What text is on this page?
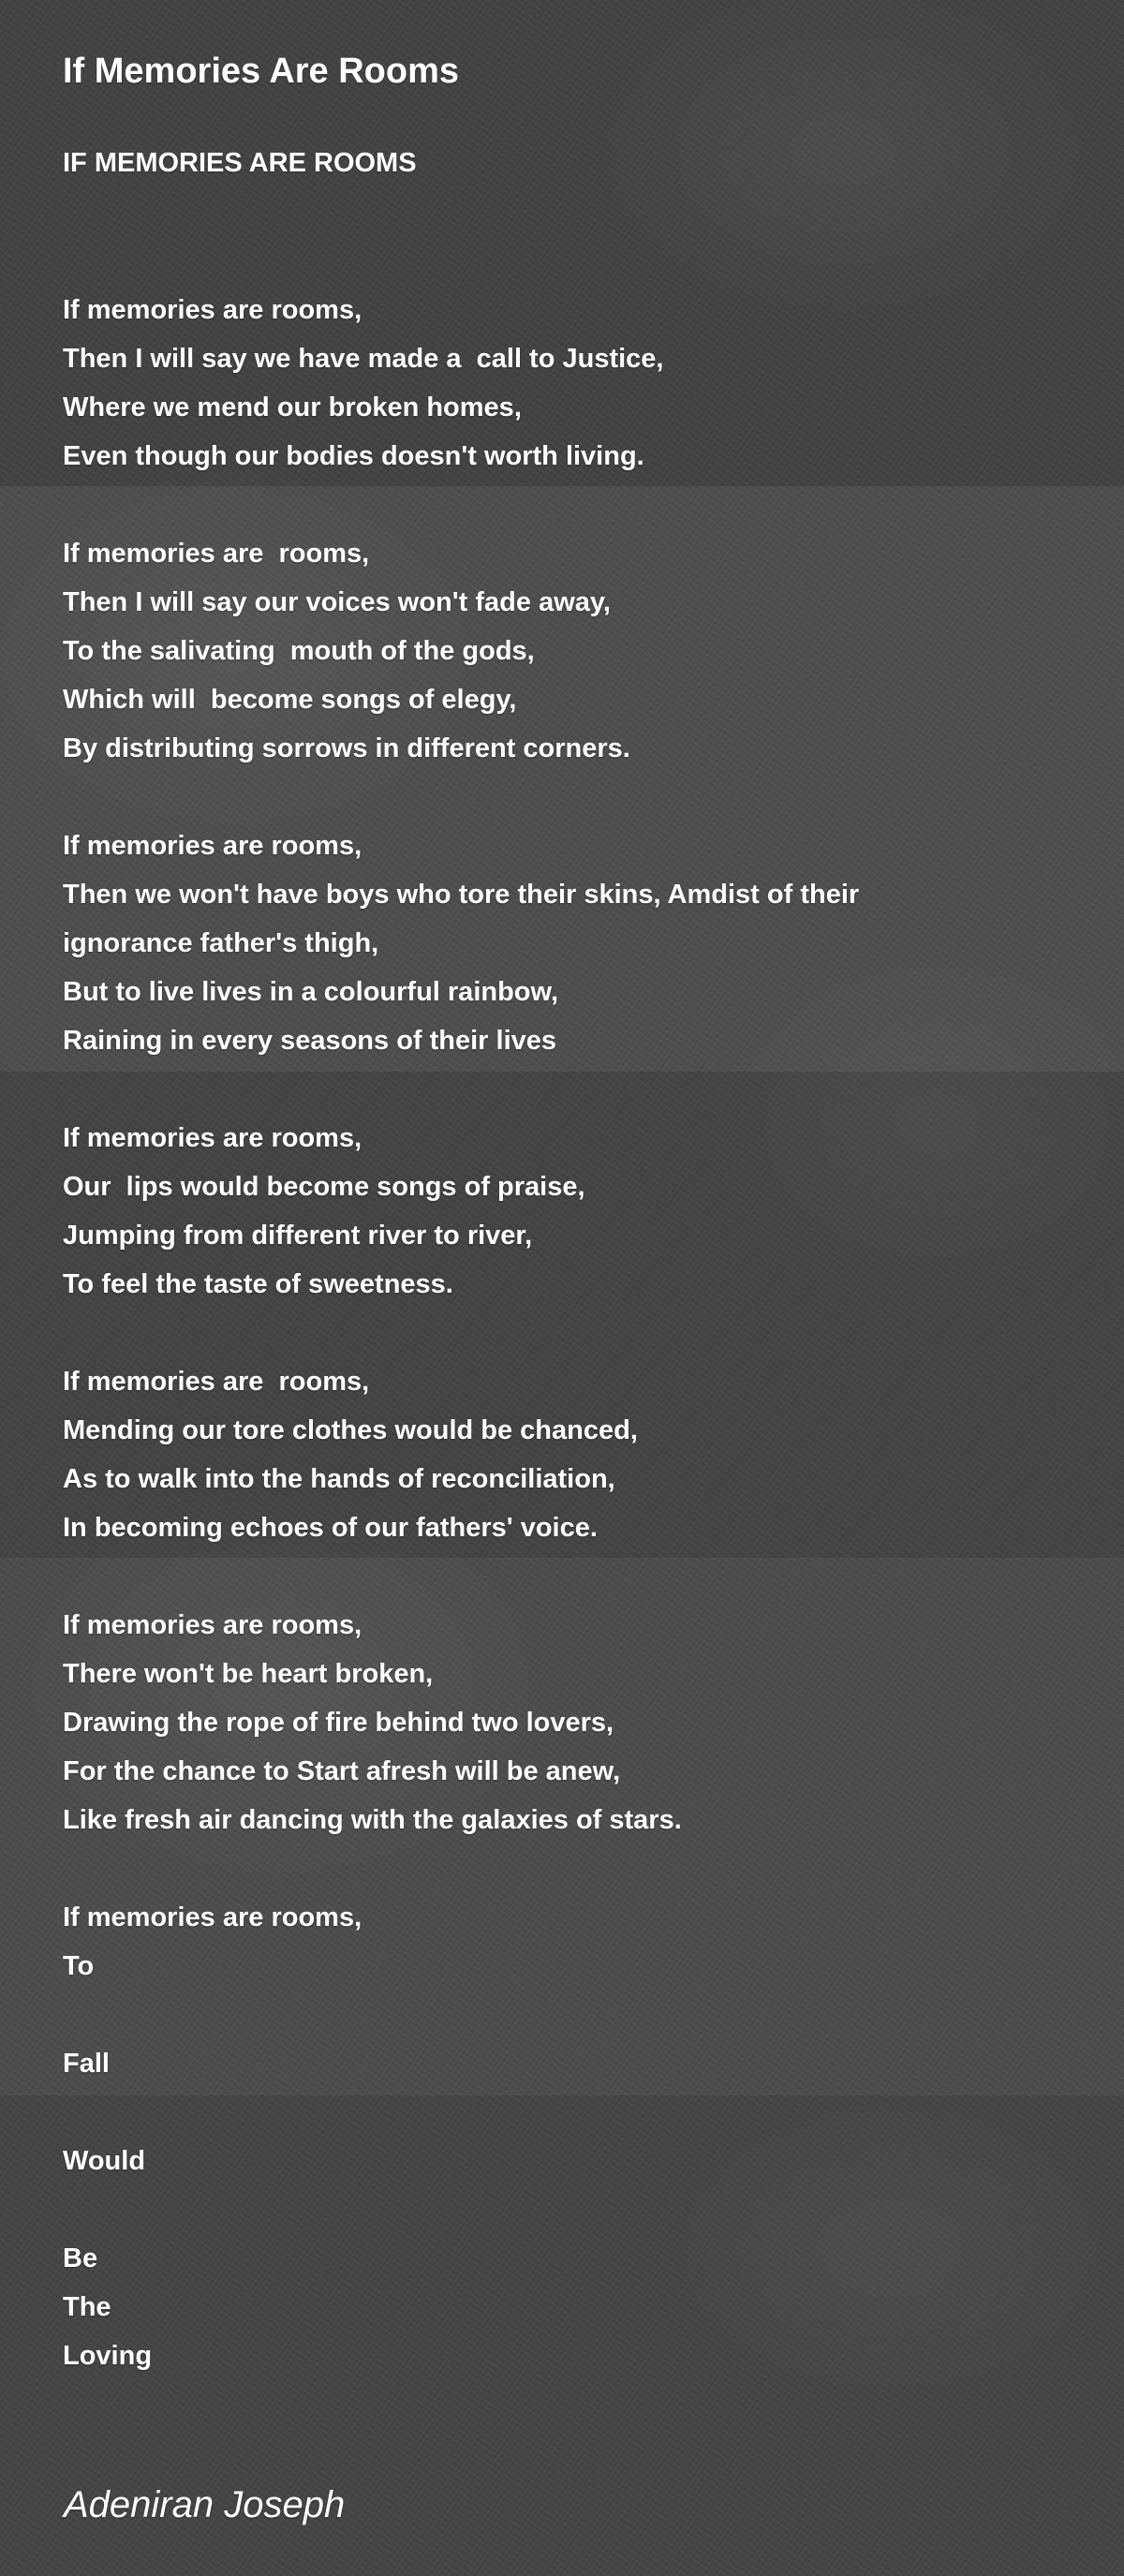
If Memories Are Rooms
IF MEMORIES ARE ROOMS
If memories are rooms,
Then I will say we have made a  call to Justice,
Where we mend our broken homes,
Even though our bodies doesn't worth living.
If memories are  rooms,
Then I will say our voices won't fade away,
To the salivating  mouth of the gods,
Which will  become songs of elegy,
By distributing sorrows in different corners.
If memories are rooms,
Then we won't have boys who tore their skins, Amdist of their
ignorance father's thigh,
But to live lives in a colourful rainbow,
Raining in every seasons of their lives
If memories are rooms,
Our  lips would become songs of praise,
Jumping from different river to river,
To feel the taste of sweetness.
If memories are  rooms,
Mending our tore clothes would be chanced,
As to walk into the hands of reconciliation,
In becoming echoes of our fathers' voice.
If memories are rooms,
There won't be heart broken,
Drawing the rope of fire behind two lovers,
For the chance to Start afresh will be anew,
Like fresh air dancing with the galaxies of stars.
If memories are rooms,
To
Fall
Would
Be
The
Loving
Adeniran Joseph
